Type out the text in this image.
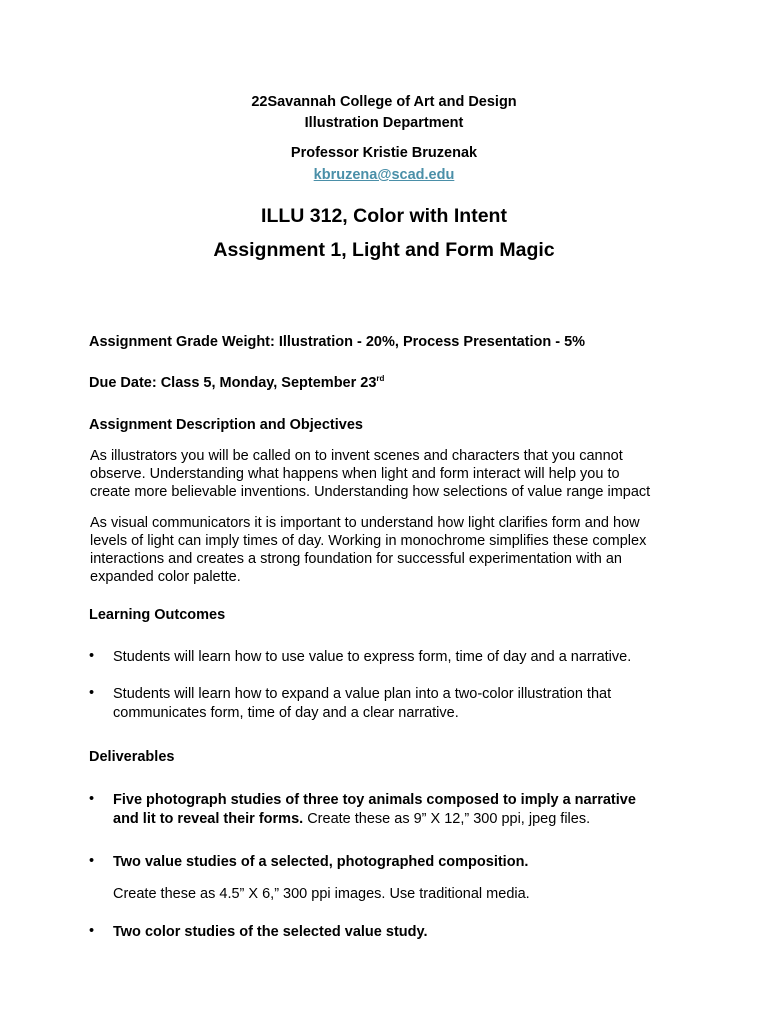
22Savannah College of Art and Design
Illustration Department
Professor Kristie Bruzenak
kbruzena@scad.edu
ILLU 312, Color with Intent
Assignment 1, Light and Form Magic
Assignment Grade Weight: Illustration - 20%, Process Presentation - 5%
Due Date: Class 5, Monday, September 23rd
Assignment Description and Objectives
As illustrators you will be called on to invent scenes and characters that you cannot
observe. Understanding what happens when light and form interact will help you to
create more believable inventions. Understanding how selections of value range impact
As visual communicators it is important to understand how light clarifies form and how
levels of light can imply times of day. Working in monochrome simplifies these complex
interactions and creates a strong foundation for successful experimentation with an
expanded color palette.
Learning Outcomes
• Students will learn how to use value to express form, time of day and a narrative.
• Students will learn how to expand a value plan into a two-color illustration that
communicates form, time of day and a clear narrative.
Deliverables
• Five photograph studies of three toy animals composed to imply a narrative
and lit to reveal their forms. Create these as 9” X 12,” 300 ppi, jpeg files.
• Two value studies of a selected, photographed composition.
Create these as 4.5” X 6,” 300 ppi images. Use traditional media.
• Two color studies of the selected value study.
